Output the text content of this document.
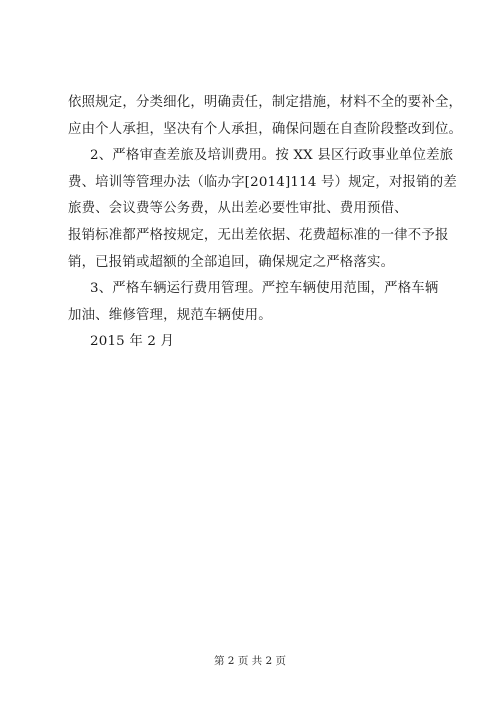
依照规定，分类细化，明确责任，制定措施，材料不全的要补全，
应由个人承担，坚决有个人承担，确保问题在自查阶段整改到位。
2、严格审查差旅及培训费用。按 XX 县区行政事业单位差旅
费、培训等管理办法（临办字[2014]114 号）规定，对报销的差
旅费、会议费等公务费，从出差必要性审批、费用预借、
报销标准都严格按规定，无出差依据、花费超标准的一律不予报
销，已报销或超额的全部追回，确保规定之严格落实。
3、严格车辆运行费用管理。严控车辆使用范围，严格车辆
加油、维修管理，规范车辆使用。
2015 年 2 月
第 2 页 共 2 页
